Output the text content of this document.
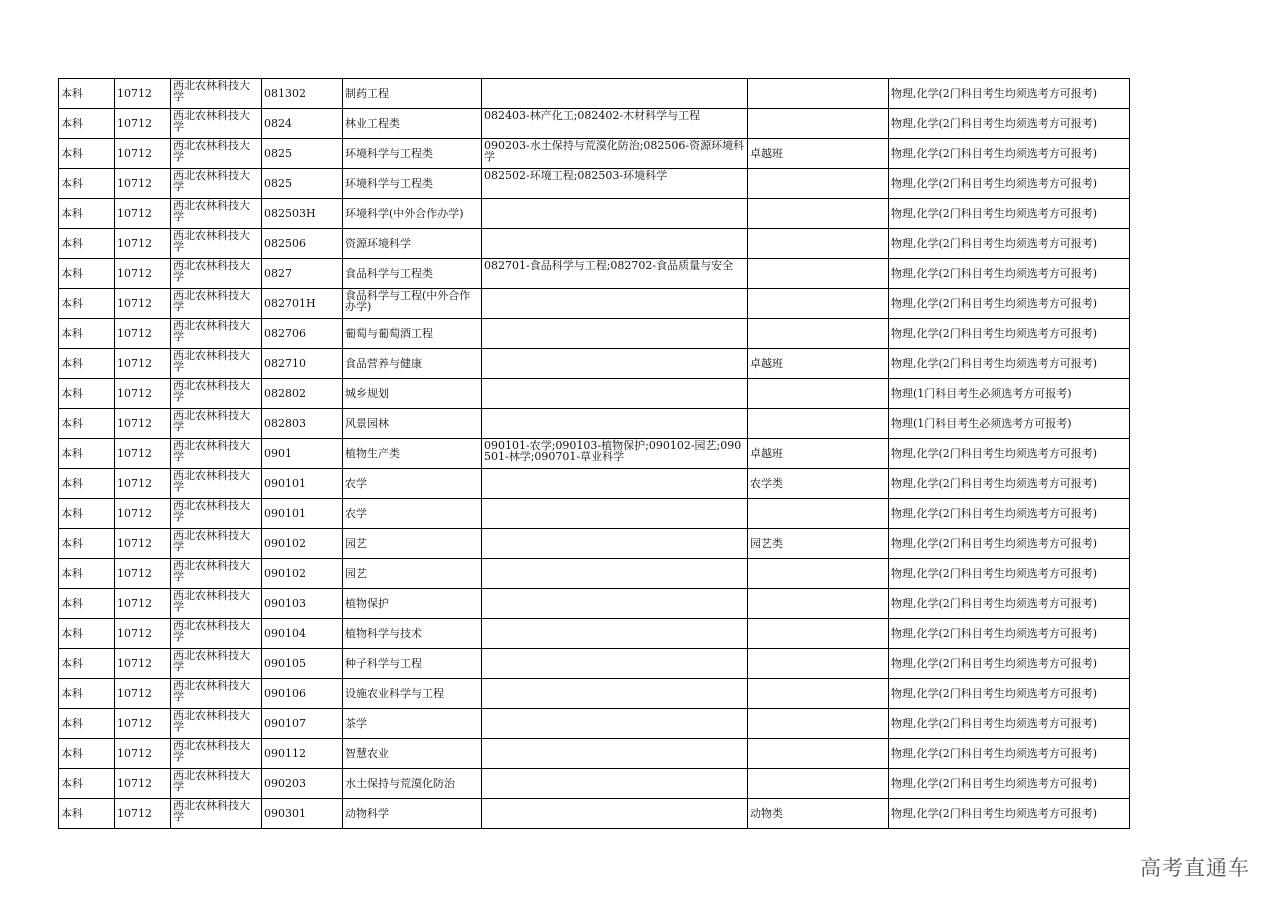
本科	10712	西北农林科技大学	081302	制药工程			物理,化学(2门科目考生均须选考方可报考)
本科	10712	西北农林科技大学	0824	林业工程类	082403-林产化工;082402-木材科学与工程		物理,化学(2门科目考生均须选考方可报考)
本科	10712	西北农林科技大学	0825	环境科学与工程类	090203-水土保持与荒漠化防治;082506-资源环境科学	卓越班	物理,化学(2门科目考生均须选考方可报考)
本科	10712	西北农林科技大学	0825	环境科学与工程类	082502-环境工程;082503-环境科学		物理,化学(2门科目考生均须选考方可报考)
本科	10712	西北农林科技大学	082503H	环境科学(中外合作办学)			物理,化学(2门科目考生均须选考方可报考)
本科	10712	西北农林科技大学	082506	资源环境科学			物理,化学(2门科目考生均须选考方可报考)
本科	10712	西北农林科技大学	0827	食品科学与工程类	082701-食品科学与工程;082702-食品质量与安全		物理,化学(2门科目考生均须选考方可报考)
本科	10712	西北农林科技大学	082701H	食品科学与工程(中外合作办学)			物理,化学(2门科目考生均须选考方可报考)
本科	10712	西北农林科技大学	082706	葡萄与葡萄酒工程			物理,化学(2门科目考生均须选考方可报考)
本科	10712	西北农林科技大学	082710	食品营养与健康		卓越班	物理,化学(2门科目考生均须选考方可报考)
本科	10712	西北农林科技大学	082802	城乡规划			物理(1门科目考生必须选考方可报考)
本科	10712	西北农林科技大学	082803	风景园林			物理(1门科目考生必须选考方可报考)
本科	10712	西北农林科技大学	0901	植物生产类	090101-农学;090103-植物保护;090102-园艺;090501-林学;090701-草业科学	卓越班	物理,化学(2门科目考生均须选考方可报考)
本科	10712	西北农林科技大学	090101	农学		农学类	物理,化学(2门科目考生均须选考方可报考)
本科	10712	西北农林科技大学	090101	农学			物理,化学(2门科目考生均须选考方可报考)
本科	10712	西北农林科技大学	090102	园艺		园艺类	物理,化学(2门科目考生均须选考方可报考)
本科	10712	西北农林科技大学	090102	园艺			物理,化学(2门科目考生均须选考方可报考)
本科	10712	西北农林科技大学	090103	植物保护			物理,化学(2门科目考生均须选考方可报考)
本科	10712	西北农林科技大学	090104	植物科学与技术			物理,化学(2门科目考生均须选考方可报考)
本科	10712	西北农林科技大学	090105	种子科学与工程			物理,化学(2门科目考生均须选考方可报考)
本科	10712	西北农林科技大学	090106	设施农业科学与工程			物理,化学(2门科目考生均须选考方可报考)
本科	10712	西北农林科技大学	090107	茶学			物理,化学(2门科目考生均须选考方可报考)
本科	10712	西北农林科技大学	090112	智慧农业			物理,化学(2门科目考生均须选考方可报考)
本科	10712	西北农林科技大学	090203	水土保持与荒漠化防治			物理,化学(2门科目考生均须选考方可报考)
本科	10712	西北农林科技大学	090301	动物科学		动物类	物理,化学(2门科目考生均须选考方可报考)
高考直通车
